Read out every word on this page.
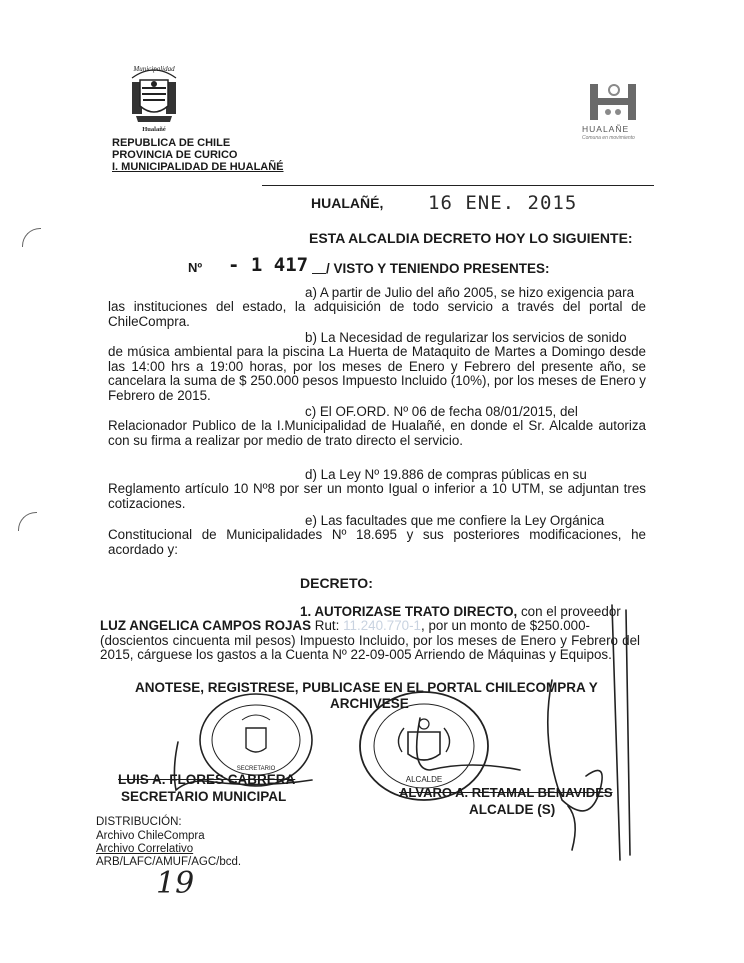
Municipalidad
Hualañé
REPUBLICA DE CHILE
PROVINCIA DE CURICO
I. MUNICIPALIDAD DE HUALAÑÉ
HUALAÑE
Comuna en movimiento
HUALAÑÉ, 16 ENE. 2015
ESTA ALCALDIA DECRETO HOY LO SIGUIENTE:
Nº - 1 417 / VISTO Y TENIENDO PRESENTES:
a) A partir de Julio del año 2005, se hizo exigencia para
las instituciones del estado, la adquisición de todo servicio a través del portal de ChileCompra.
b) La Necesidad de regularizar los servicios de sonido
de música ambiental para la piscina La Huerta de Mataquito de Martes a Domingo desde las 14:00 hrs a 19:00 horas, por los meses de Enero y Febrero del presente año, se cancelara la suma de $ 250.000 pesos Impuesto Incluido (10%), por los meses de Enero y Febrero de 2015.
c) El OF.ORD. Nº 06 de fecha 08/01/2015, del
Relacionador Publico de la I.Municipalidad de Hualañé, en donde el Sr. Alcalde autoriza con su firma a realizar por medio de trato directo el servicio.
d) La Ley Nº 19.886 de compras públicas en su
Reglamento artículo 10 Nº8 por ser un monto Igual o inferior a 10 UTM, se adjuntan tres cotizaciones.
e) Las facultades que me confiere la Ley Orgánica
Constitucional de Municipalidades Nº 18.695 y sus posteriores modificaciones, he acordado y:
DECRETO:
1. AUTORIZASE TRATO DIRECTO, con el proveedor
LUZ ANGELICA CAMPOS ROJAS Rut: 11.240.770-1, por un monto de $250.000-
(doscientos cincuenta mil pesos) Impuesto Incluido, por los meses de Enero y Febrero del 2015, cárguese los gastos a la Cuenta Nº 22-09-005 Arriendo de Máquinas y Equipos.
ANOTESE, REGISTRESE, PUBLICASE EN EL PORTAL CHILECOMPRA Y
ARCHIVESE
SECRETARIO
ALCALDE
LUIS A. FLORES CABRERA
SECRETARIO MUNICIPAL	ALVARO A. RETAMAL BENAVIDES
ALCALDE (S)
DISTRIBUCIÓN:
Archivo ChileCompra
Archivo Correlativo
ARB/LAFC/AMUF/AGC/bcd.
19
